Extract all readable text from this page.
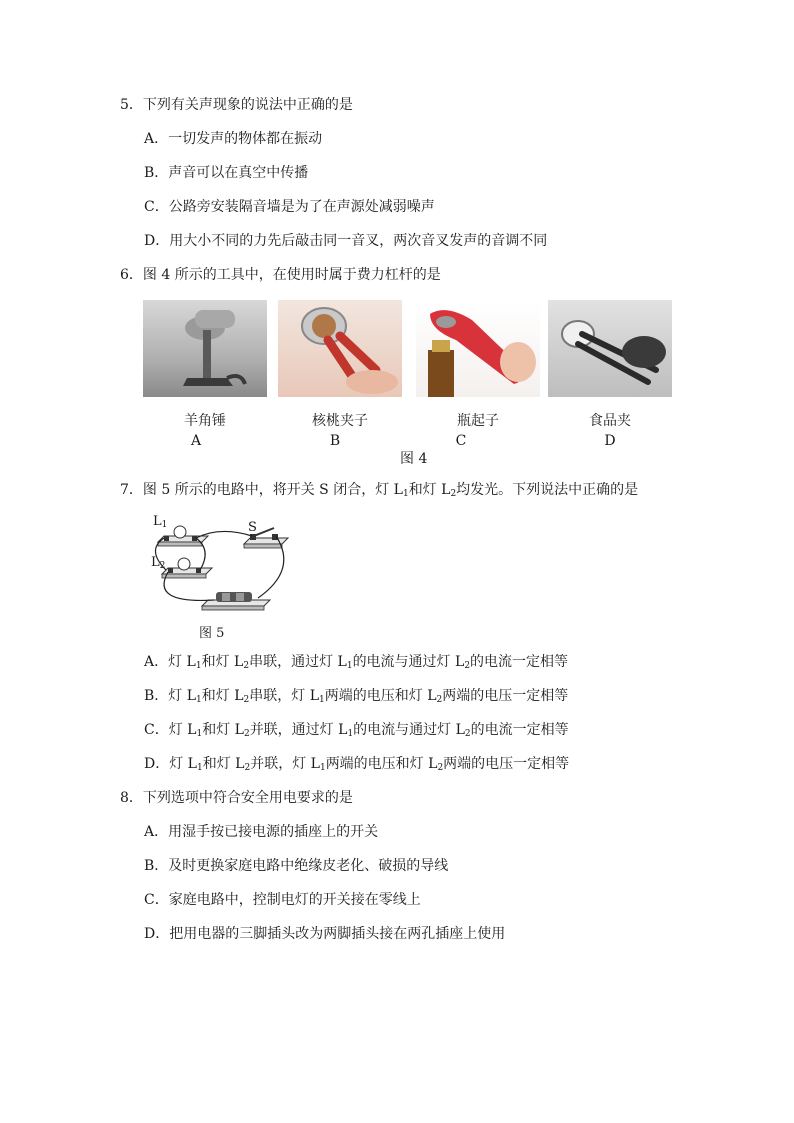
5．下列有关声现象的说法中正确的是
A．一切发声的物体都在振动
B．声音可以在真空中传播
C．公路旁安装隔音墙是为了在声源处减弱噪声
D．用大小不同的力先后敲击同一音叉，两次音叉发声的音调不同
6．图 4 所示的工具中，在使用时属于费力杠杆的是
羊角锤
A
核桃夹子
B
瓶起子
C
食品夹
D
图 4
7．图 5 所示的电路中，将开关 S 闭合，灯 $L_1$和灯 $L_2$均发光。下列说法中正确的是
$L_1$
$L_2$
S
图 5
A．灯 $L_1$和灯 $L_2$串联，通过灯 $L_1$的电流与通过灯 $L_2$的电流一定相等
B．灯 $L_1$和灯 $L_2$串联，灯 $L_1$两端的电压和灯 $L_2$两端的电压一定相等
C．灯 $L_1$和灯 $L_2$并联，通过灯 $L_1$的电流与通过灯 $L_2$的电流一定相等
D．灯 $L_1$和灯 $L_2$并联，灯 $L_1$两端的电压和灯 $L_2$两端的电压一定相等
8．下列选项中符合安全用电要求的是
A．用湿手按已接电源的插座上的开关
B．及时更换家庭电路中绝缘皮老化、破损的导线
C．家庭电路中，控制电灯的开关接在零线上
D．把用电器的三脚插头改为两脚插头接在两孔插座上使用
